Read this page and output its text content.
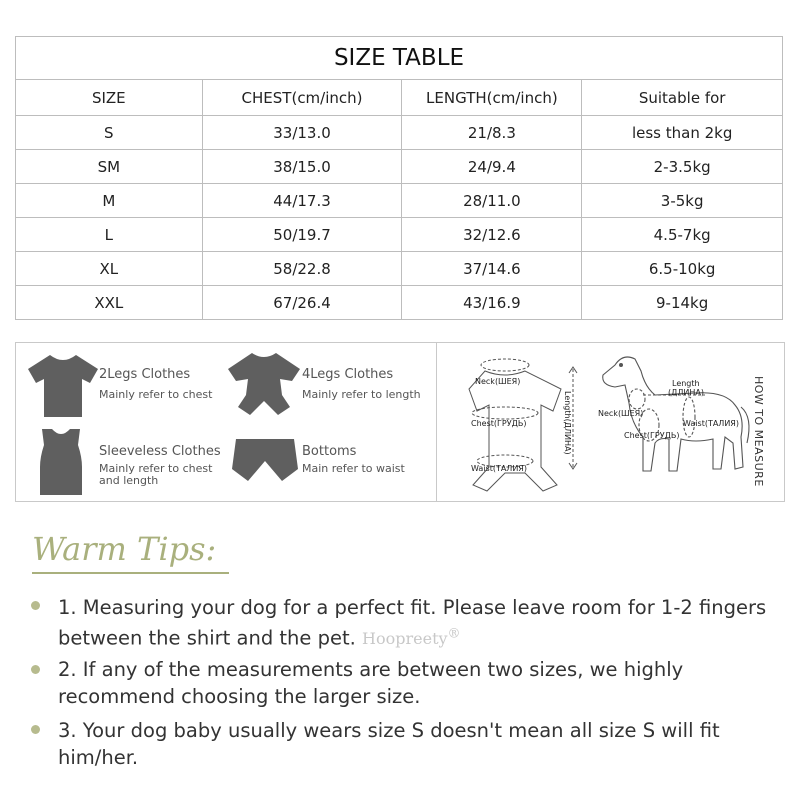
SIZE TABLE			
SIZE	CHEST(cm/inch)	LENGTH(cm/inch)	Suitable for
S	33/13.0	21/8.3	less than 2kg
SM	38/15.0	24/9.4	2-3.5kg
M	44/17.3	28/11.0	3-5kg
L	50/19.7	32/12.6	4.5-7kg
XL	58/22.8	37/14.6	6.5-10kg
XXL	67/26.4	43/16.9	9-14kg
2Legs Clothes
Mainly refer to chest
4Legs Clothes
Mainly refer to length
Sleeveless Clothes
Mainly refer to chest and length
Bottoms
Main refer to waist
Neck(ШЕЯ)
Chest(ГРУДЬ)
Waist(ТАЛИЯ)
Length(ДЛИНА)
Length
(ДЛИНА)
Neck(ШЕЯ)
Chest(ГРУДЬ)
Waist(ТАЛИЯ) HOW TO MEASURE
Warm Tips:
1. Measuring your dog for a perfect fit. Please leave room for 1-2 fingers between the shirt and the pet. Hoopreety®
2. If any of the measurements are between two sizes, we highly recommend choosing the larger size.
3. Your dog baby usually wears size S doesn't mean all size S will fit him/her.
